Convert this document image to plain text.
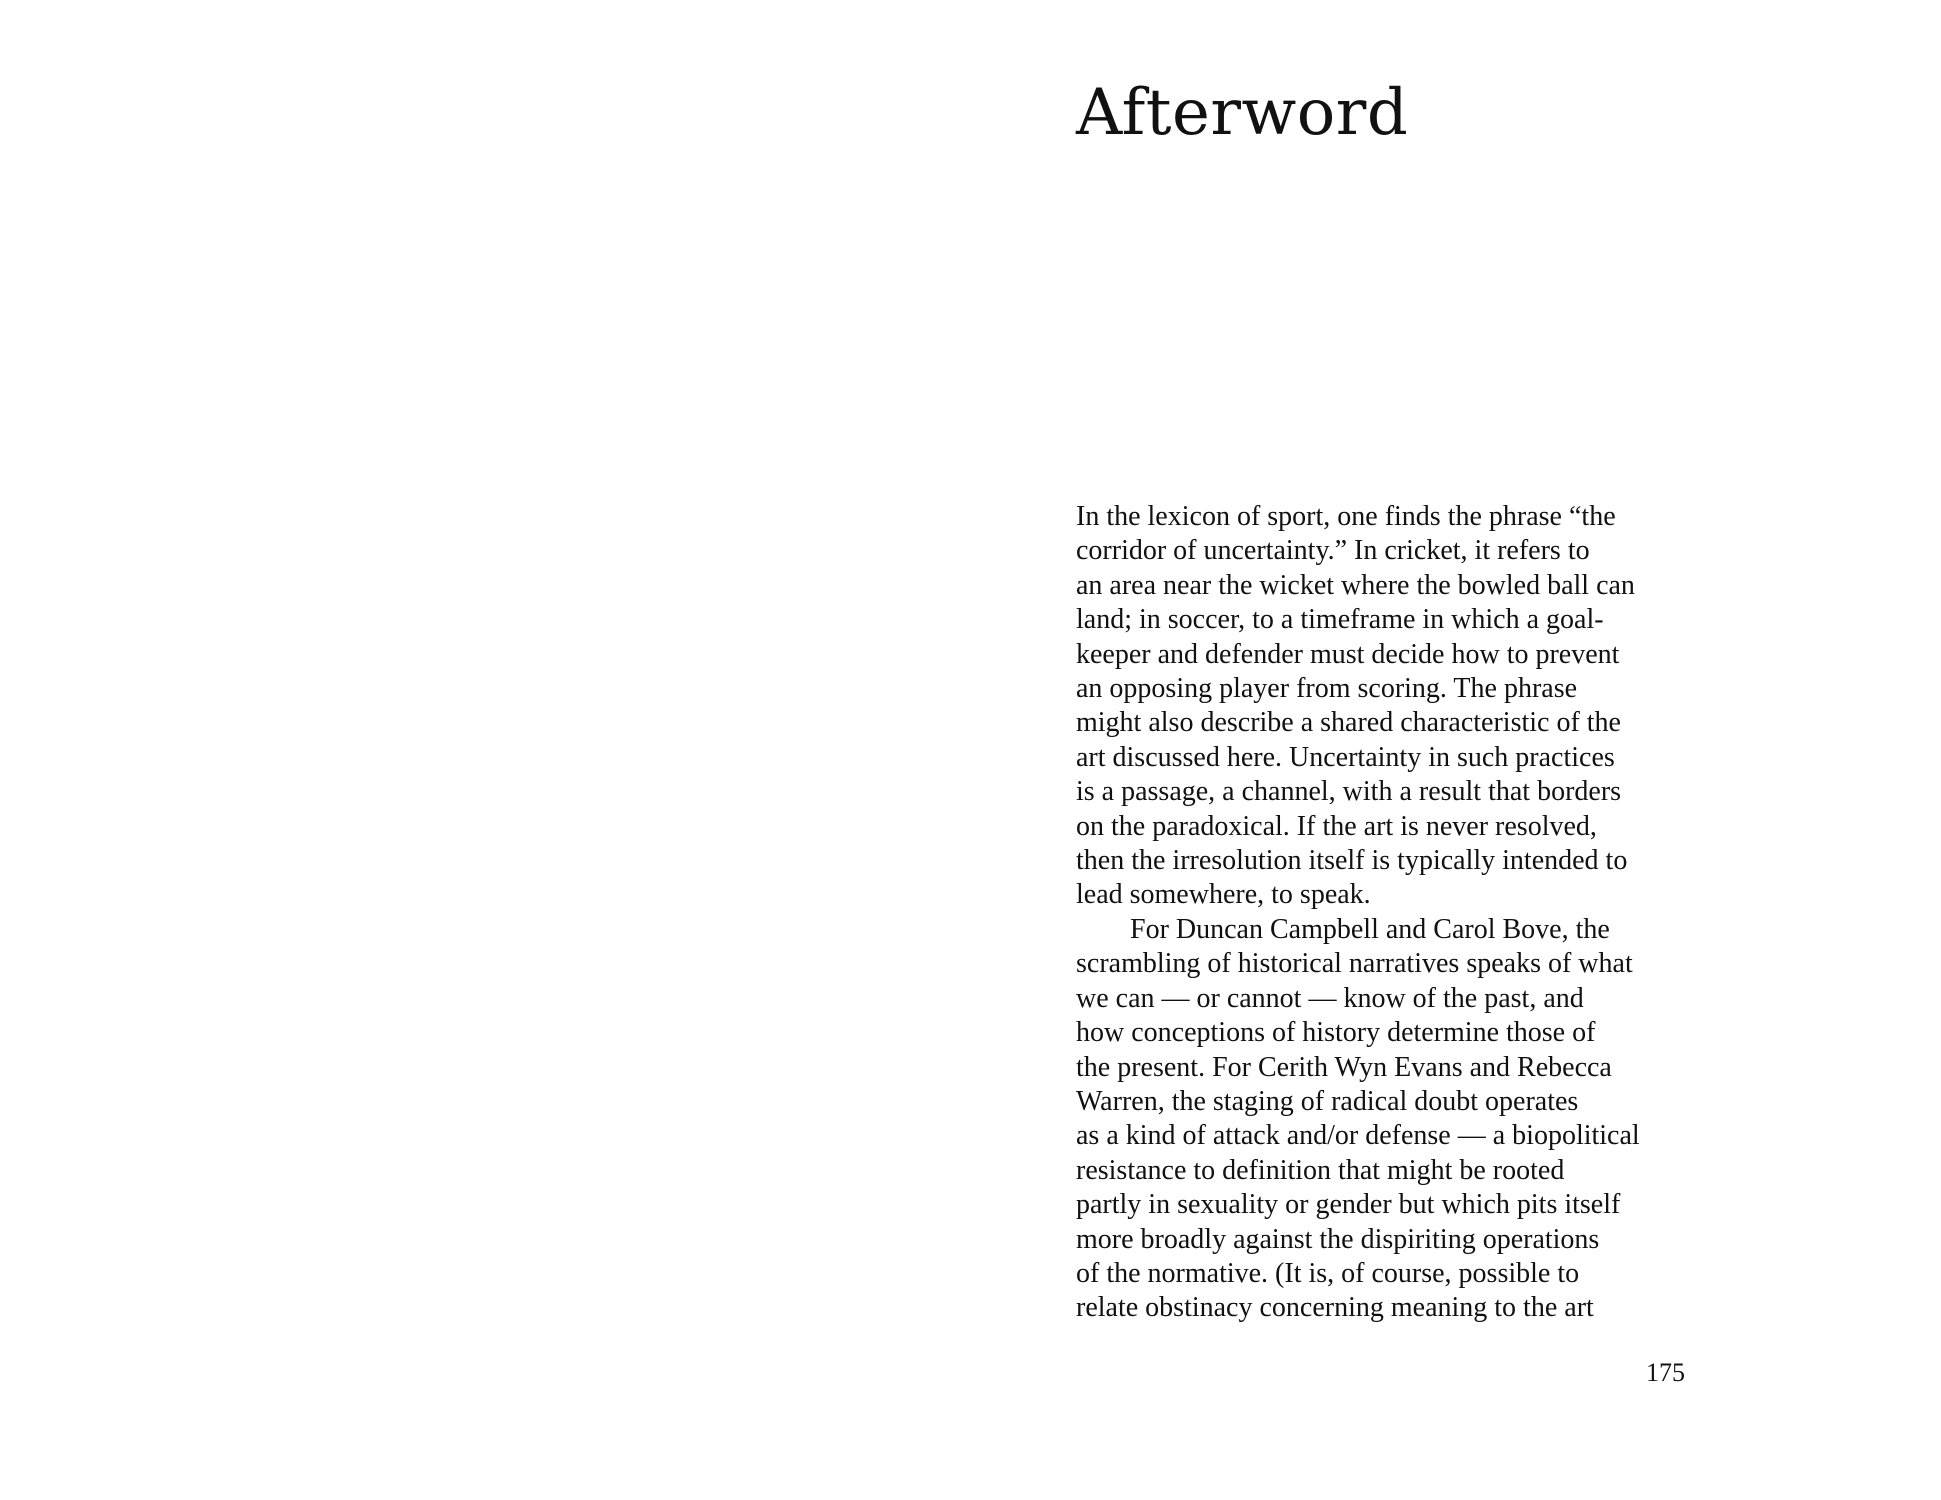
Afterword
In the lexicon of sport, one finds the phrase “the
corridor of uncertainty.” In cricket, it refers to
an area near the wicket where the bowled ball can
land; in soccer, to a timeframe in which a goal-
keeper and defender must decide how to prevent
an opposing player from scoring. The phrase
might also describe a shared characteristic of the
art discussed here. Uncertainty in such practices
is a passage, a channel, with a result that borders
on the paradoxical. If the art is never resolved,
then the irresolution itself is typically intended to
lead somewhere, to speak.
For Duncan Campbell and Carol Bove, the
scrambling of historical narratives speaks of what
we can — or cannot — know of the past, and
how conceptions of history determine those of
the present. For Cerith Wyn Evans and Rebecca
Warren, the staging of radical doubt operates
as a kind of attack and/or defense — a biopolitical
resistance to definition that might be rooted
partly in sexuality or gender but which pits itself
more broadly against the dispiriting operations
of the normative. (It is, of course, possible to
relate obstinacy concerning meaning to the art
175
